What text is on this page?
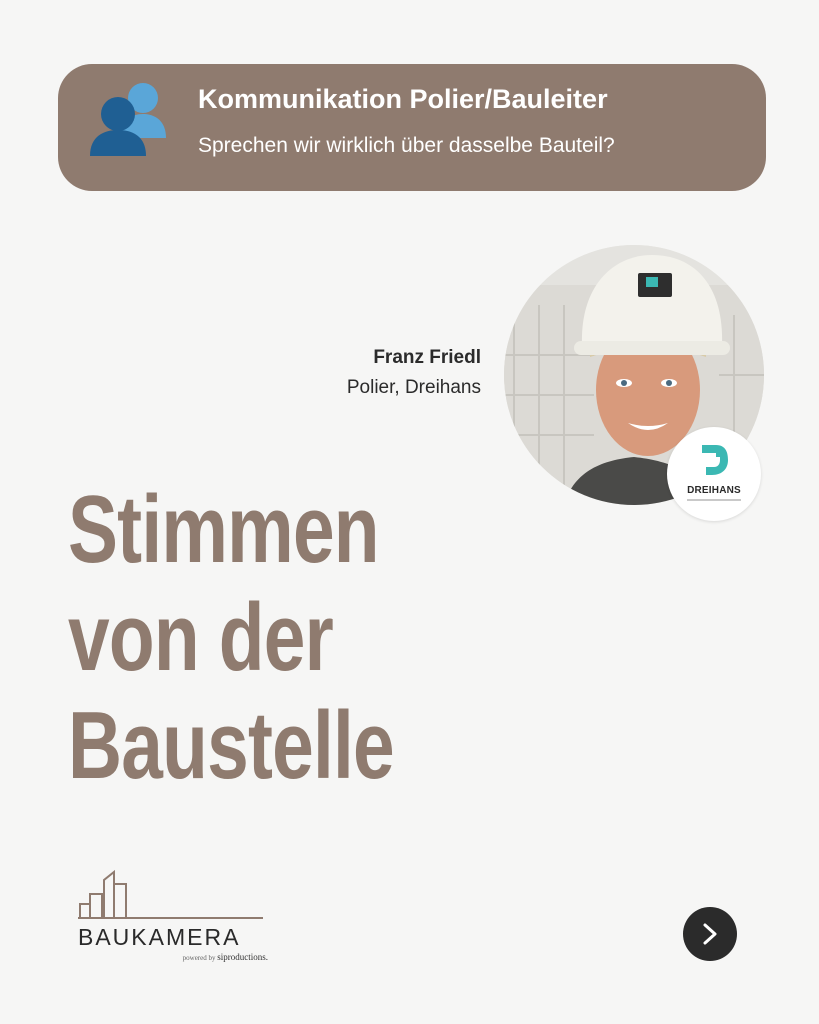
Kommunikation Polier/Bauleiter
Sprechen wir wirklich über dasselbe Bauteil?
Franz Friedl
Polier, Dreihans
DREIHANS
Stimmen
von der
Baustelle
BAUKAMERA
powered by siproductions.
